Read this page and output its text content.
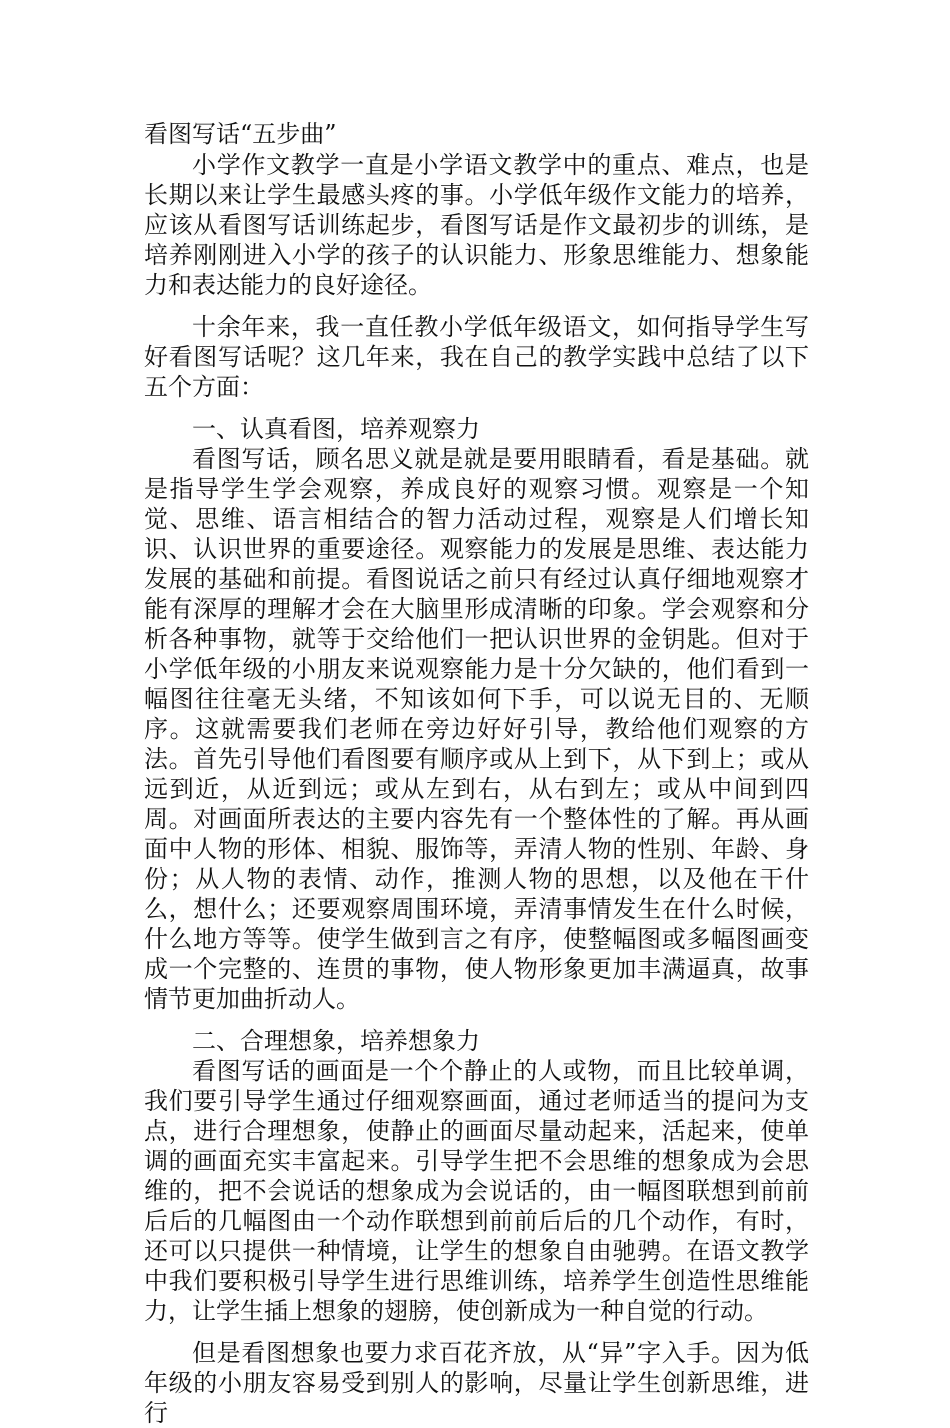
看图写话“五步曲”

小学作文教学一直是小学语文教学中的重点、难点，也是长期以来让学生最感头疼的事。小学低年级作文能力的培养，应该从看图写话训练起步，看图写话是作文最初步的训练，是培养刚刚进入小学的孩子的认识能力、形象思维能力、想象能力和表达能力的良好途径。

十余年来，我一直任教小学低年级语文，如何指导学生写好看图写话呢？这几年来，我在自己的教学实践中总结了以下五个方面：

一、认真看图，培养观察力

看图写话，顾名思义就是就是要用眼睛看，看是基础。就是指导学生学会观察，养成良好的观察习惯。观察是一个知觉、思维、语言相结合的智力活动过程，观察是人们增长知识、认识世界的重要途径。观察能力的发展是思维、表达能力发展的基础和前提。看图说话之前只有经过认真仔细地观察才能有深厚的理解才会在大脑里形成清晰的印象。学会观察和分析各种事物，就等于交给他们一把认识世界的金钥匙。但对于小学低年级的小朋友来说观察能力是十分欠缺的，他们看到一幅图往往毫无头绪，不知该如何下手，可以说无目的、无顺序。这就需要我们老师在旁边好好引导，教给他们观察的方法。首先引导他们看图要有顺序或从上到下，从下到上；或从远到近，从近到远；或从左到右，从右到左；或从中间到四周。对画面所表达的主要内容先有一个整体性的了解。再从画面中人物的形体、相貌、服饰等，弄清人物的性别、年龄、身份；从人物的表情、动作，推测人物的思想，以及他在干什么，想什么；还要观察周围环境，弄清事情发生在什么时候，什么地方等等。使学生做到言之有序，使整幅图或多幅图画变成一个完整的、连贯的事物，使人物形象更加丰满逼真，故事情节更加曲折动人。

二、合理想象，培养想象力

看图写话的画面是一个个静止的人或物，而且比较单调，我们要引导学生通过仔细观察画面，通过老师适当的提问为支点，进行合理想象，使静止的画面尽量动起来，活起来，使单调的画面充实丰富起来。引导学生把不会思维的想象成为会思维的，把不会说话的想象成为会说话的，由一幅图联想到前前后后的几幅图由一个动作联想到前前后后的几个动作，有时，还可以只提供一种情境，让学生的想象自由驰骋。在语文教学中我们要积极引导学生进行思维训练，培养学生创造性思维能力，让学生插上想象的翅膀，使创新成为一种自觉的行动。

但是看图想象也要力求百花齐放，从“异”字入手。因为低年级的小朋友容易受到别人的影响，尽量让学生创新思维，进行
